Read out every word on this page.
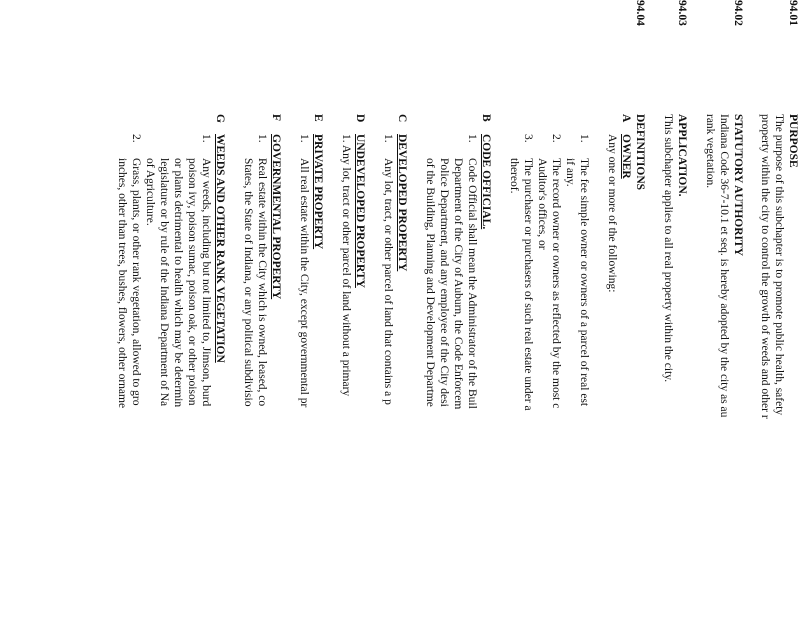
94.01
PURPOSE
The purpose of this subchapter is to promote public health, safety
property within the city to control the growth of weeds and other r
94.02
STATUTORY AUTHORITY
Indiana Code 36-7-10.1 et seq. is hereby adopted by the city as au
rank vegetation.
94.03
APPLICATION.
This subchapter applies to all real property within the city.
94.04
DEFINITIONS
A
OWNER
Any one or more of the following:
1.
The fee simple owner or owners of a parcel of real est
if any.
2.
The record owner or owners as reflected by the most c
Auditor's offices, or
3.
The purchaser or purchasers of such real estate under a
thereof.
B
CODE OFFICIAL.
1.
Code Official shall mean the Administrator of the Buil
Department of the City of Auburn, the Code Enforcem
Police Department, and any employee of the City desi
of the Building, Planning and Development Departme
C
DEVELOPED PROPERTY
1.
Any lot, tract, or other parcel of land that contains a p
D
UNDEVELOPED PROPERTY
1. Any lot, tract or other parcel of land without a primary
E
PRIVATE PROPERTY
1.
All real estate within the City, except governmental pr
F
GOVERNMENTAL PROPERTY
1.
Real estate within the City which is owned, leased, co
States, the State of Indiana, or any political subdivisio
G
WEEDS AND OTHER RANK VEGETATION
1.
Any weeds, including but not limited to, Jimson, burd
poison ivy, poison sumac, poison oak, or other poison
or plants detrimental to health which may be determin
legislature or by rule of the Indiana Department of Na
of Agriculture.
2.
Grass, plants, or other rank vegetation, allowed to gro
inches, other than trees, bushes, flowers, other orname
